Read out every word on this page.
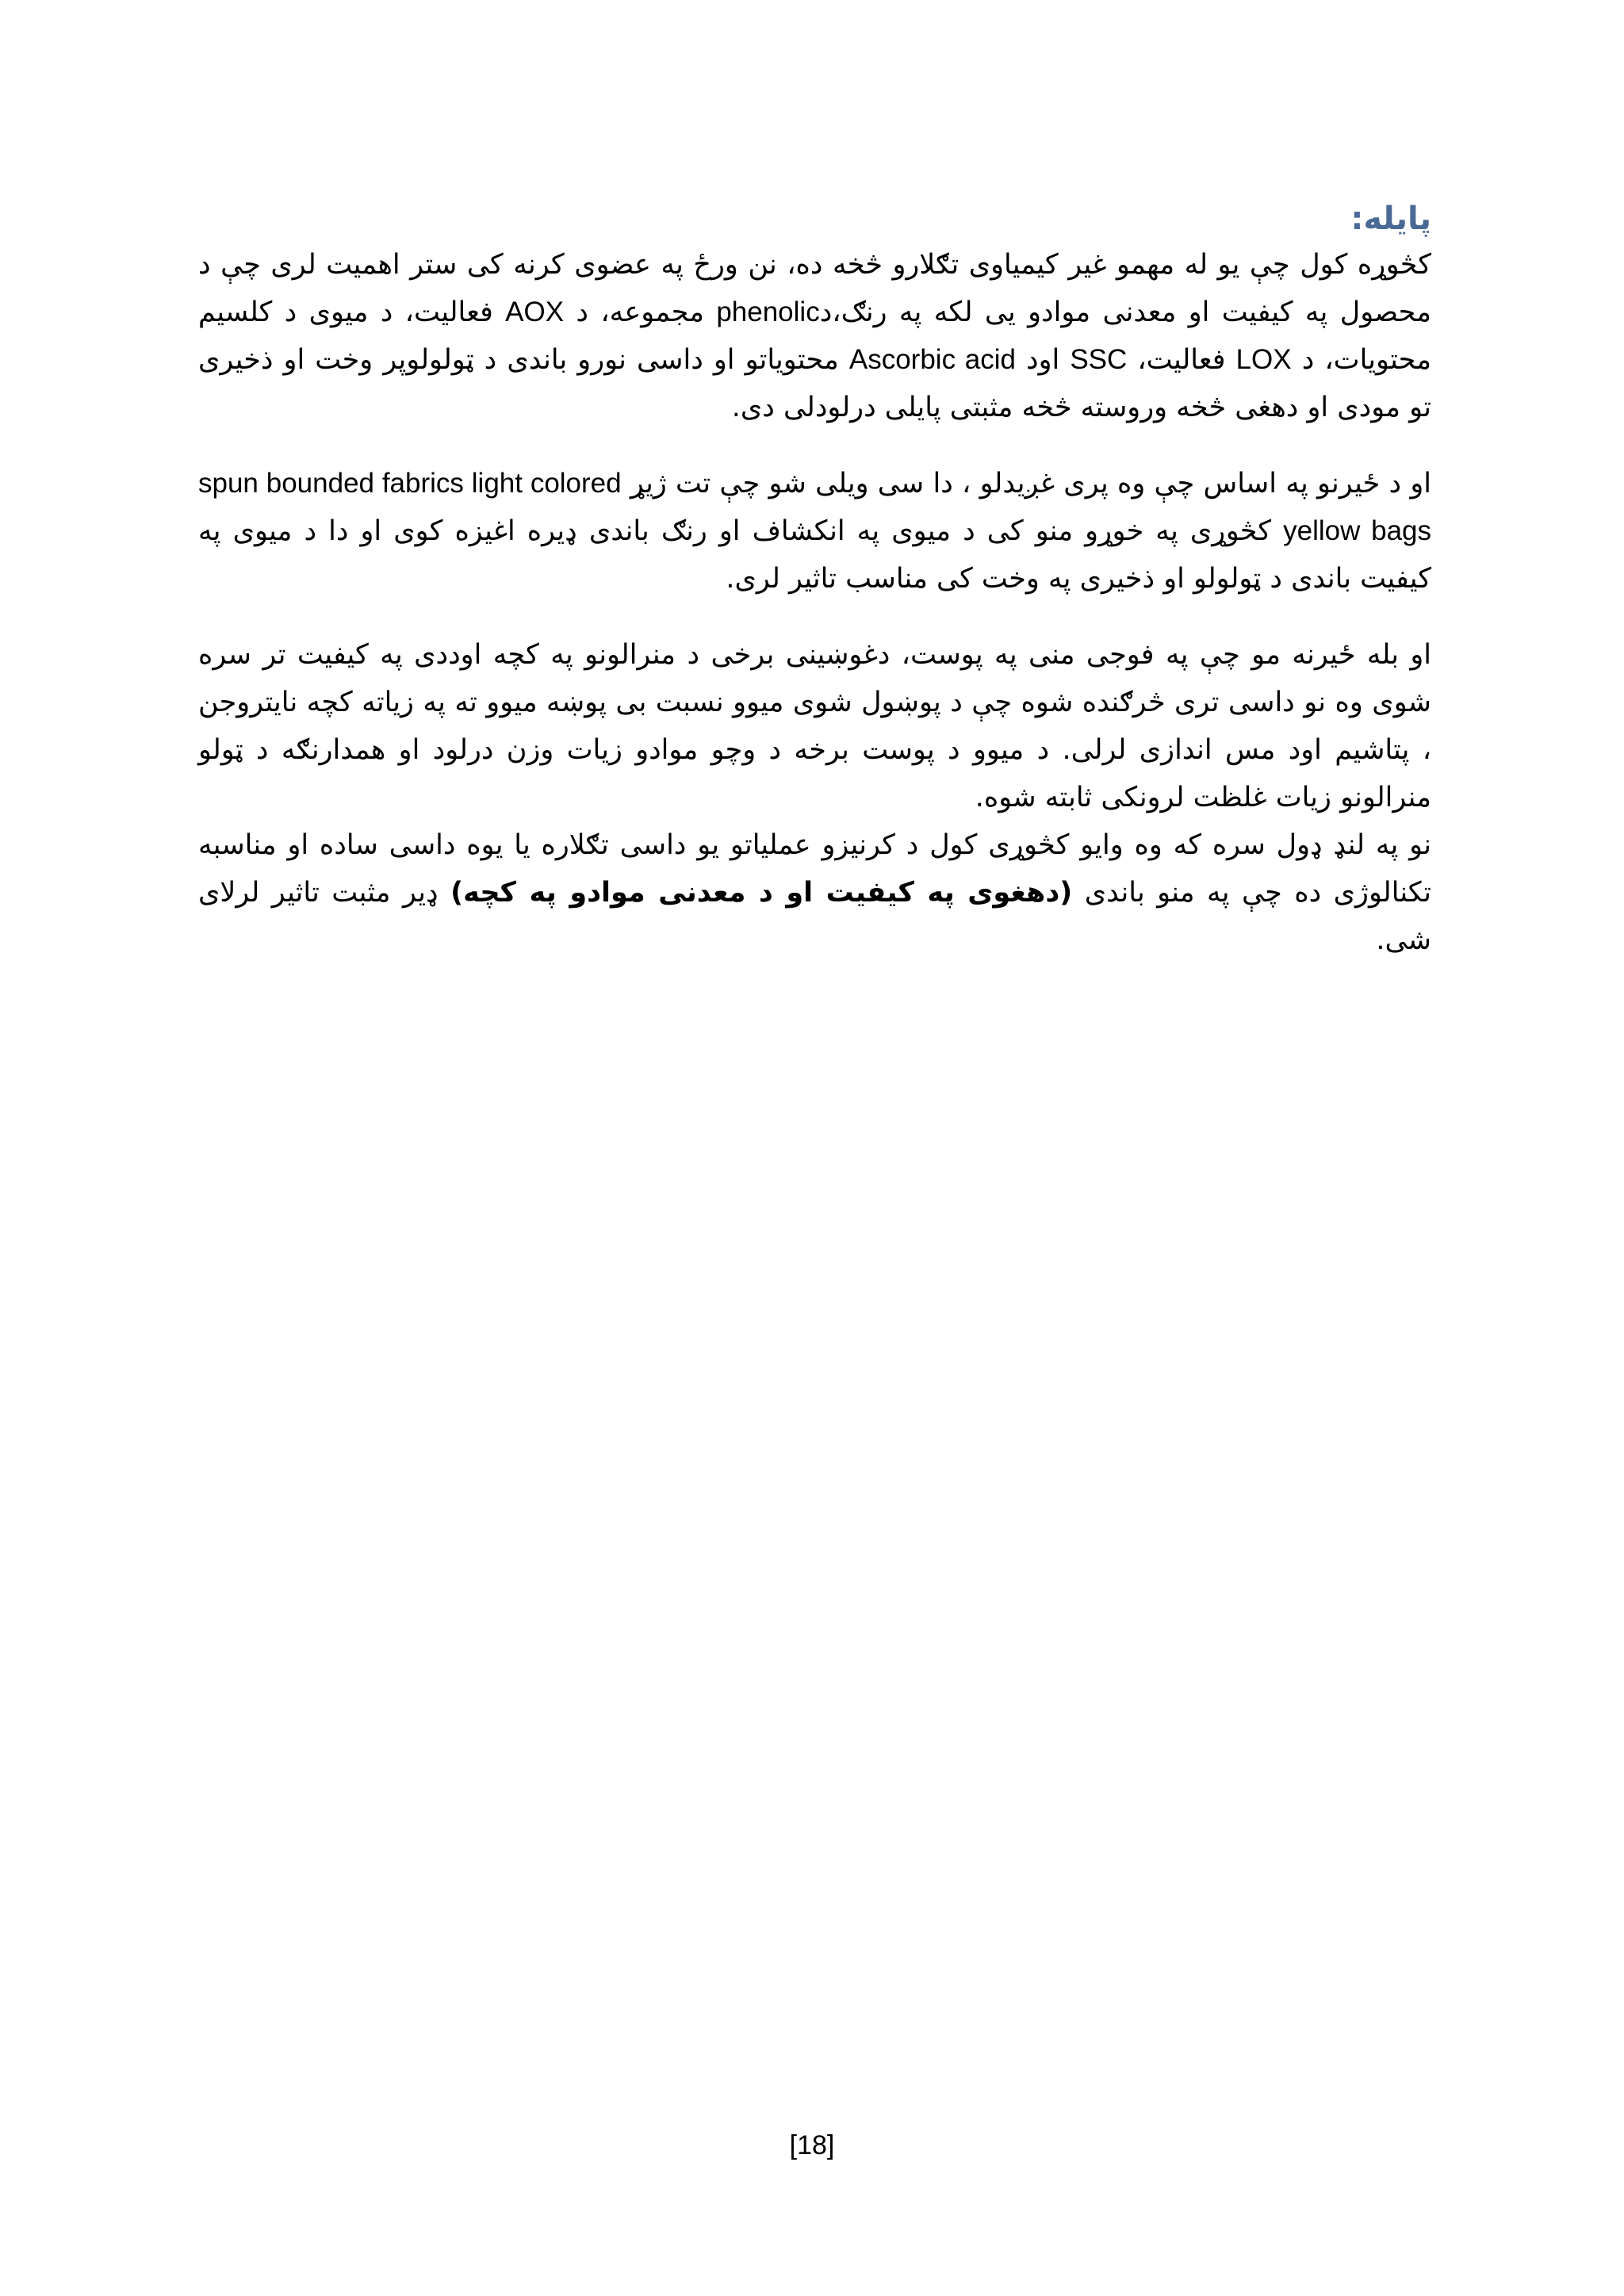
پایله:

کڅوړه کول چې یو له مهمو غیر کیمیاوی تګلارو څخه ده، نن ورځ په عضوی کرنه کی ستر اهمیت لری چې د محصول په کیفیت او معدنی موادو یی لکه په رنګ،دphenolic مجموعه، د AOX فعالیت، د میوی د کلسیم محتویات، د LOX فعالیت، SSC اود Ascorbic acid محتویاتو او داسی نورو باندی د ټولولوپر وخت او ذخیری تو مودی او دهغی څخه وروسته څخه مثبتی پایلی درلودلی دی.

او د ځیرنو په اساس چې وه پری غږیدلو ، دا سی ویلی شو چې تت ژیړ spun bounded fabrics light colored yellow bags کڅوړی په خوړو منو کی د میوی په انکشاف او رنګ باندی ډیره اغیزه کوی او دا د میوی په کیفیت باندی د ټولولو او ذخیری په وخت کی مناسب تاثیر لری.

او بله ځیرنه مو چې په فوجی منی په پوست، دغوښینی برخی د منرالونو په کچه اوددی په کیفیت تر سره شوی وه نو داسی تری څرګنده شوه چې د پوښول شوی میوو نسبت بی پوښه میوو ته په زیاته کچه نایتروجن ، پتاشیم اود مس اندازی لرلی. د میوو د پوست برخه د وچو موادو زیات وزن درلود او همدارنګه د ټولو منرالونو زیات غلظت لرونکی ثابته شوه.

نو په لنډ ډول سره که وه وایو کڅوړی کول د کرنیزو عملیاتو یو داسی تګلاره یا یوه داسی ساده او مناسبه تکنالوژی ده چې په منو باندی (دهغوی په کیفیت او د معدنی موادو په کچه) ډیر مثبت تاثیر لرلای شی.

[18]
